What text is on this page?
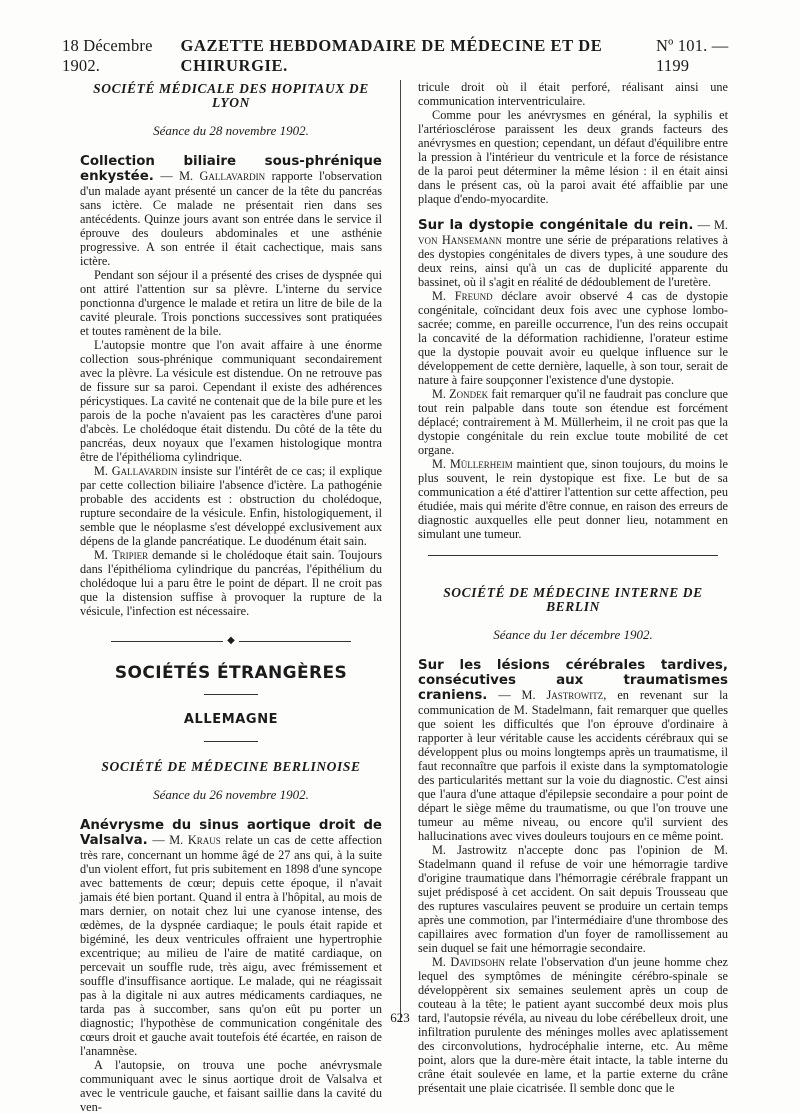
18 Décembre 1902.
GAZETTE HEBDOMADAIRE DE MÉDECINE ET DE CHIRURGIE.
Nº 101. — 1199
SOCIÉTÉ MÉDICALE DES HOPITAUX DE LYON
Séance du 28 novembre 1902.

Collection biliaire sous-phrénique enkystée. — M. Gallavardin rapporte l'observation d'un malade ayant présenté un cancer de la tête du pancréas sans ictère. Ce malade ne présentait rien dans ses antécédents. Quinze jours avant son entrée dans le service il éprouve des douleurs abdominales et une asthénie progressive. A son entrée il était cachectique, mais sans ictère.

Pendant son séjour il a présenté des crises de dyspnée qui ont attiré l'attention sur sa plèvre. L'interne du service ponctionna d'urgence le malade et retira un litre de bile de la cavité pleurale. Trois ponctions successives sont pratiquées et toutes ramènent de la bile.

L'autopsie montre que l'on avait affaire à une énorme collection sous-phrénique communiquant secondairement avec la plèvre. La vésicule est distendue. On ne retrouve pas de fissure sur sa paroi. Cependant il existe des adhérences péricystiques. La cavité ne contenait que de la bile pure et les parois de la poche n'avaient pas les caractères d'une paroi d'abcès. Le cholédoque était distendu. Du côté de la tête du pancréas, deux noyaux que l'examen histologique montra être de l'épithélioma cylindrique.

M. Gallavardin insiste sur l'intérêt de ce cas; il explique par cette collection biliaire l'absence d'ictère. La pathogénie probable des accidents est : obstruction du cholédoque, rupture secondaire de la vésicule. Enfin, histologiquement, il semble que le néoplasme s'est développé exclusivement aux dépens de la glande pancréatique. Le duodénum était sain.

M. Tripier demande si le cholédoque était sain. Toujours dans l'épithélioma cylindrique du pancréas, l'épithélium du cholédoque lui a paru être le point de départ. Il ne croit pas que la distension suffise à provoquer la rupture de la vésicule, l'infection est nécessaire.

◆
SOCIÉTÉS ÉTRANGÈRES
ALLEMAGNE
SOCIÉTÉ DE MÉDECINE BERLINOISE
Séance du 26 novembre 1902.

Anévrysme du sinus aortique droit de Valsalva. — M. Kraus relate un cas de cette affection très rare, concernant un homme âgé de 27 ans qui, à la suite d'un violent effort, fut pris subitement en 1898 d'une syncope avec battements de cœur; depuis cette époque, il n'avait jamais été bien portant. Quand il entra à l'hôpital, au mois de mars dernier, on notait chez lui une cyanose intense, des œdèmes, de la dyspnée cardiaque; le pouls était rapide et bigéminé, les deux ventricules offraient une hypertrophie excentrique; au milieu de l'aire de matité cardiaque, on percevait un souffle rude, très aigu, avec frémissement et souffle d'insuffisance aortique. Le malade, qui ne réagissait pas à la digitale ni aux autres médicaments cardiaques, ne tarda pas à succomber, sans qu'on eût pu porter un diagnostic; l'hypothèse de communication congénitale des cœurs droit et gauche avait toutefois été écartée, en raison de l'anamnèse.

A l'autopsie, on trouva une poche anévrysmale communiquant avec le sinus aortique droit de Valsalva et avec le ventricule gauche, et faisant saillie dans la cavité du ven-

tricule droit où il était perforé, réalisant ainsi une communication interventriculaire.

Comme pour les anévrysmes en général, la syphilis et l'artériosclérose paraissent les deux grands facteurs des anévrysmes en question; cependant, un défaut d'équilibre entre la pression à l'intérieur du ventricule et la force de résistance de la paroi peut déterminer la même lésion : il en était ainsi dans le présent cas, où la paroi avait été affaiblie par une plaque d'endo-myocardite.

Sur la dystopie congénitale du rein. — M. von Hansemann montre une série de préparations relatives à des dystopies congénitales de divers types, à une soudure des deux reins, ainsi qu'à un cas de duplicité apparente du bassinet, où il s'agit en réalité de dédoublement de l'uretère.

M. Freund déclare avoir observé 4 cas de dystopie congénitale, coïncidant deux fois avec une cyphose lombo-sacrée; comme, en pareille occurrence, l'un des reins occupait la concavité de la déformation rachidienne, l'orateur estime que la dystopie pouvait avoir eu quelque influence sur le développement de cette dernière, laquelle, à son tour, serait de nature à faire soupçonner l'existence d'une dystopie.

M. Zondek fait remarquer qu'il ne faudrait pas conclure que tout rein palpable dans toute son étendue est forcément déplacé; contrairement à M. Müllerheim, il ne croit pas que la dystopie congénitale du rein exclue toute mobilité de cet organe.

M. Müllerheim maintient que, sinon toujours, du moins le plus souvent, le rein dystopique est fixe. Le but de sa communication a été d'attirer l'attention sur cette affection, peu étudiée, mais qui mérite d'être connue, en raison des erreurs de diagnostic auxquelles elle peut donner lieu, notamment en simulant une tumeur.

SOCIÉTÉ DE MÉDECINE INTERNE DE BERLIN
Séance du 1er décembre 1902.

Sur les lésions cérébrales tardives, consécutives aux traumatismes craniens. — M. Jastrowitz, en revenant sur la communication de M. Stadelmann, fait remarquer que quelles que soient les difficultés que l'on éprouve d'ordinaire à rapporter à leur véritable cause les accidents cérébraux qui se développent plus ou moins longtemps après un traumatisme, il faut reconnaître que parfois il existe dans la symptomatologie des particularités mettant sur la voie du diagnostic. C'est ainsi que l'aura d'une attaque d'épilepsie secondaire a pour point de départ le siège même du traumatisme, ou que l'on trouve une tumeur au même niveau, ou encore qu'il survient des hallucinations avec vives douleurs toujours en ce même point.

M. Jastrowitz n'accepte donc pas l'opinion de M. Stadelmann quand il refuse de voir une hémorragie tardive d'origine traumatique dans l'hémorragie cérébrale frappant un sujet prédisposé à cet accident. On sait depuis Trousseau que des ruptures vasculaires peuvent se produire un certain temps après une commotion, par l'intermédiaire d'une thrombose des capillaires avec formation d'un foyer de ramollissement au sein duquel se fait une hémorragie secondaire.

M. Davidsohn relate l'observation d'un jeune homme chez lequel des symptômes de méningite cérébro-spinale se développèrent six semaines seulement après un coup de couteau à la tête; le patient ayant succombé deux mois plus tard, l'autopsie révéla, au niveau du lobe cérébelleux droit, une infiltration purulente des méninges molles avec aplatissement des circonvolutions, hydrocéphalie interne, etc. Au même point, alors que la dure-mère était intacte, la table interne du crâne était soulevée en lame, et la partie externe du crâne présentait une plaie cicatrisée. Il semble donc que le

623
